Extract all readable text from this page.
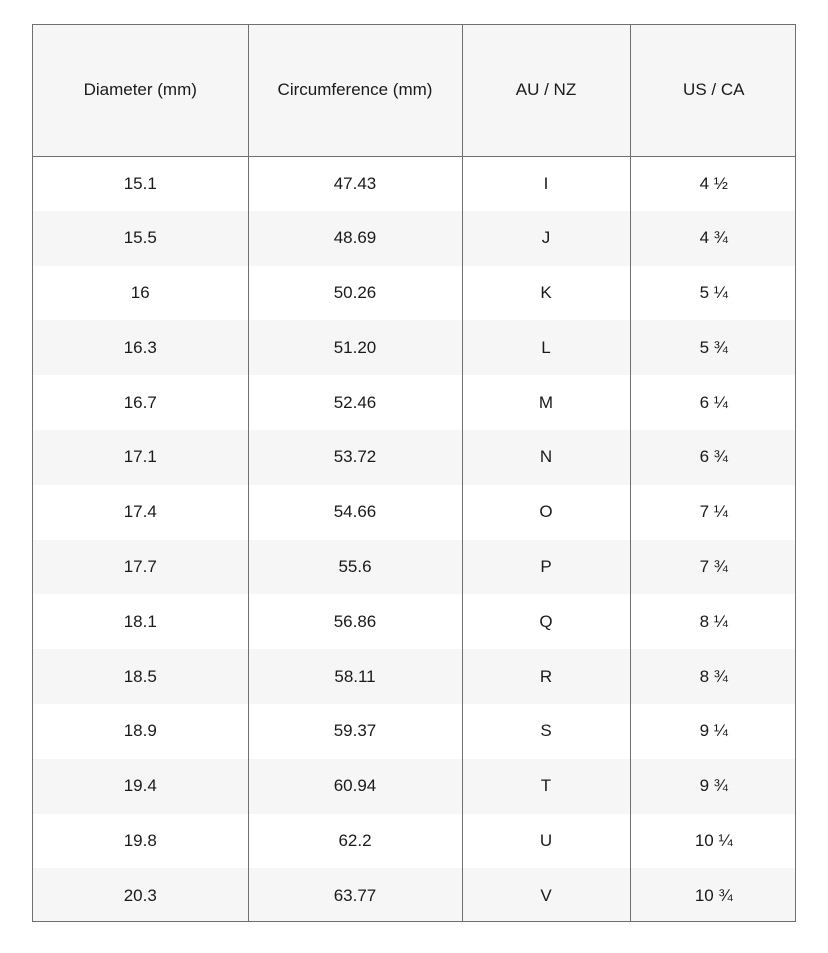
Diameter (mm)	Circumference (mm)	AU / NZ	US / CA
15.1	47.43	I	4 ½
15.5	48.69	J	4 ¾
16	50.26	K	5 ¼
16.3	51.20	L	5 ¾
16.7	52.46	M	6 ¼
17.1	53.72	N	6 ¾
17.4	54.66	O	7 ¼
17.7	55.6	P	7 ¾
18.1	56.86	Q	8 ¼
18.5	58.11	R	8 ¾
18.9	59.37	S	9 ¼
19.4	60.94	T	9 ¾
19.8	62.2	U	10 ¼
20.3	63.77	V	10 ¾
